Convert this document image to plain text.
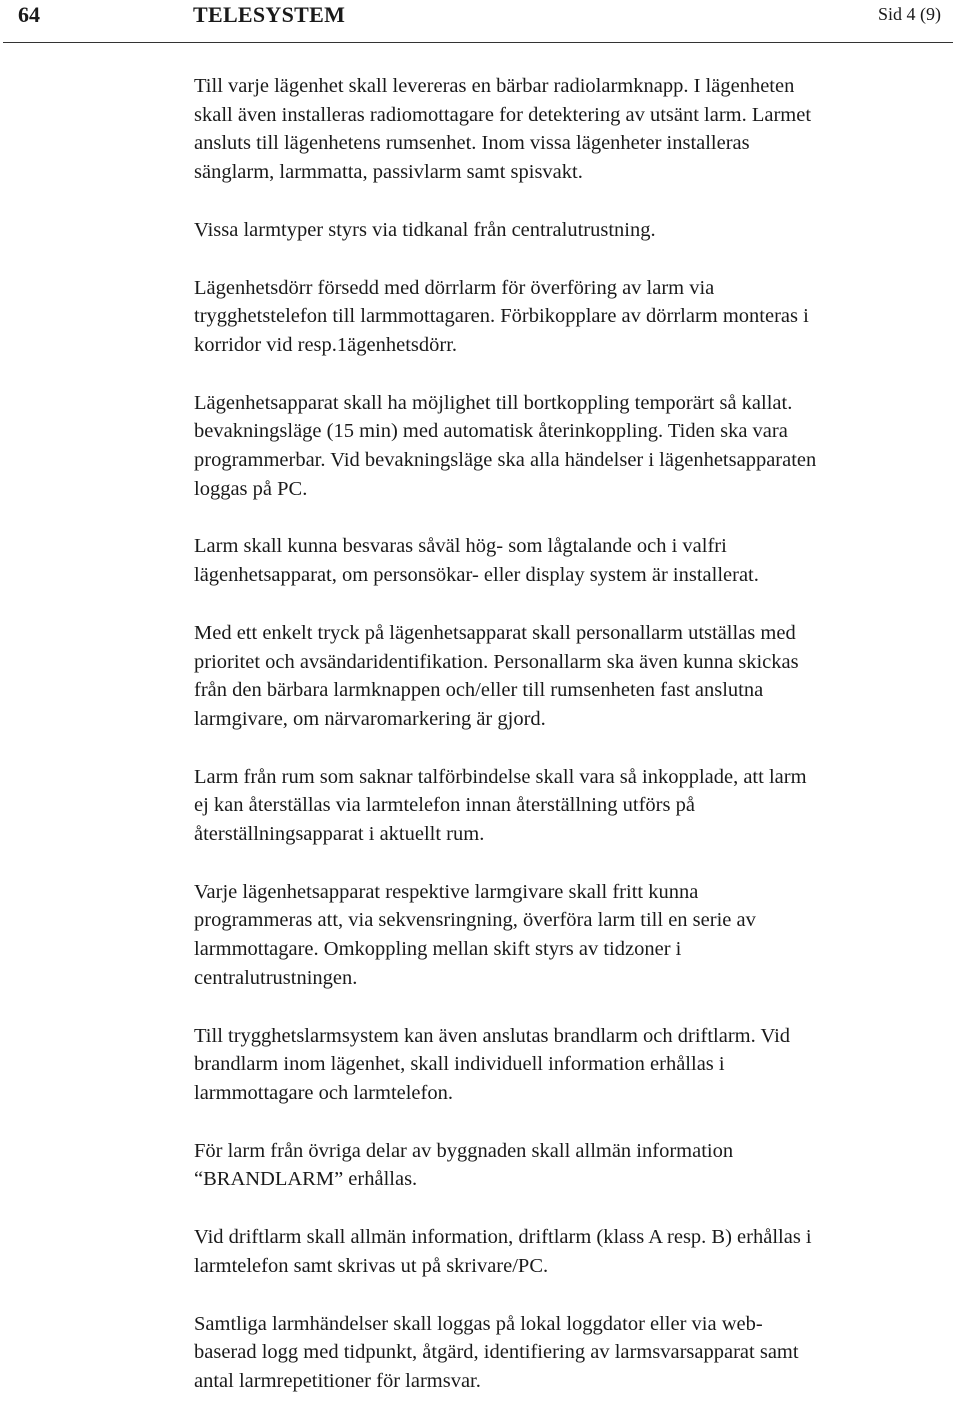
64	TELESYSTEM	Sid 4 (9)

Till varje lägenhet skall levereras en bärbar radiolarmknapp. I lägenheten
skall även installeras radiomottagare for detektering av utsänt larm. Larmet
ansluts till lägenhetens rumsenhet. Inom vissa lägenheter installeras
sänglarm, larmmatta, passivlarm samt spisvakt.

Vissa larmtyper styrs via tidkanal från centralutrustning.

Lägenhetsdörr försedd med dörrlarm för överföring av larm via
trygghetstelefon till larmmottagaren. Förbikopplare av dörrlarm monteras i
korridor vid resp.1ägenhetsdörr.

Lägenhetsapparat skall ha möjlighet till bortkoppling temporärt så kallat.
bevakningsläge (15 min) med automatisk återinkoppling. Tiden ska vara
programmerbar. Vid bevakningsläge ska alla händelser i lägenhetsapparaten
loggas på PC.

Larm skall kunna besvaras såväl hög- som lågtalande och i valfri
lägenhetsapparat, om personsökar- eller display system är installerat.

Med ett enkelt tryck på lägenhetsapparat skall personallarm utställas med
prioritet och avsändaridentifikation. Personallarm ska även kunna skickas
från den bärbara larmknappen och/eller till rumsenheten fast anslutna
larmgivare, om närvaromarkering är gjord.

Larm från rum som saknar talförbindelse skall vara så inkopplade, att larm
ej kan återställas via larmtelefon innan återställning utförs på
återställningsapparat i aktuellt rum.

Varje lägenhetsapparat respektive larmgivare skall fritt kunna
programmeras att, via sekvensringning, överföra larm till en serie av
larmmottagare. Omkoppling mellan skift styrs av tidzoner i
centralutrustningen.

Till trygghetslarmsystem kan även anslutas brandlarm och driftlarm. Vid
brandlarm inom lägenhet, skall individuell information erhållas i
larmmottagare och larmtelefon.

För larm från övriga delar av byggnaden skall allmän information
“BRANDLARM” erhållas.

Vid driftlarm skall allmän information, driftlarm (klass A resp. B) erhållas i
larmtelefon samt skrivas ut på skrivare/PC.

Samtliga larmhändelser skall loggas på lokal loggdator eller via web-
baserad logg med tidpunkt, åtgärd, identifiering av larmsvarsapparat samt
antal larmrepetitioner för larmsvar.
